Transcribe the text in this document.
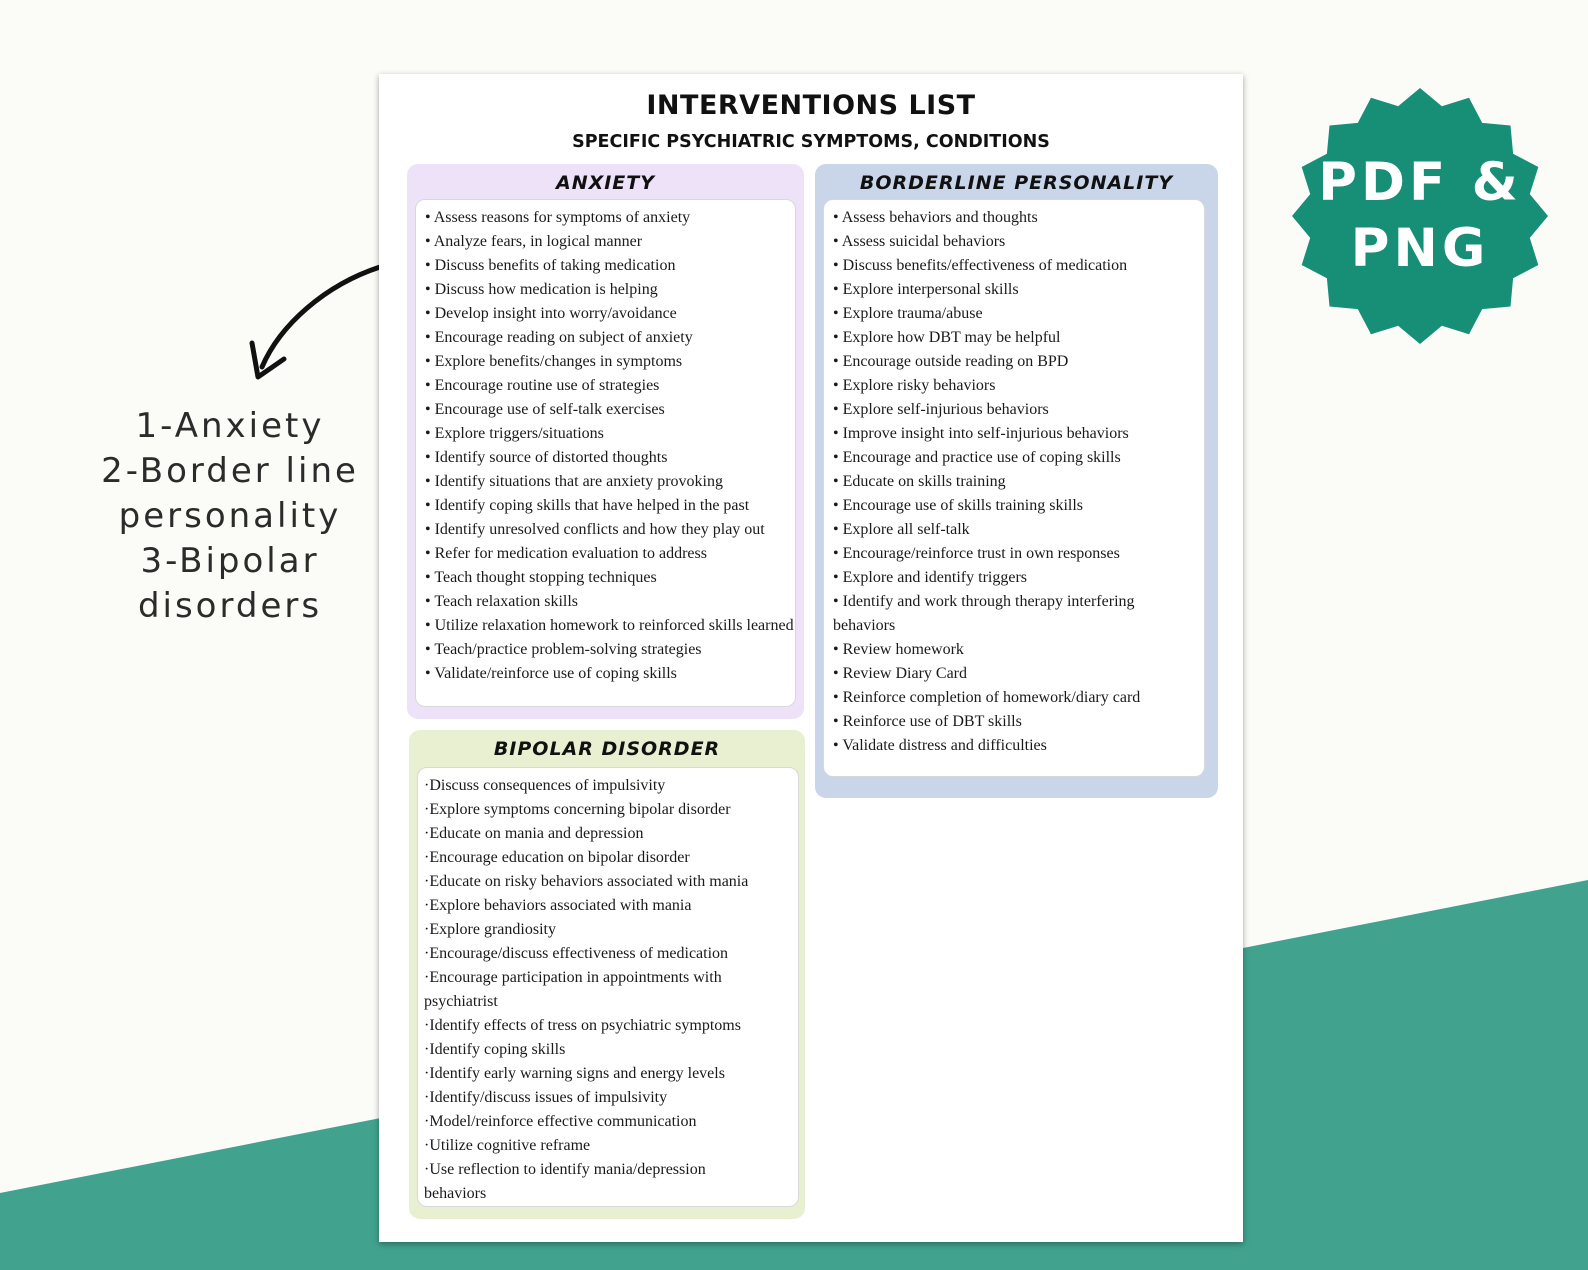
1-Anxiety
2-Border line
personality
3-Bipolar
disorders
PDF &
PNG
INTERVENTIONS LIST
SPECIFIC PSYCHIATRIC SYMPTOMS, CONDITIONS
ANXIETY
• Assess reasons for symptoms of anxiety
• Analyze fears, in logical manner
• Discuss benefits of taking medication
• Discuss how medication is helping
• Develop insight into worry/avoidance
• Encourage reading on subject of anxiety
• Explore benefits/changes in symptoms
• Encourage routine use of strategies
• Encourage use of self-talk exercises
• Explore triggers/situations
• Identify source of distorted thoughts
• Identify situations that are anxiety provoking
• Identify coping skills that have helped in the past
• Identify unresolved conflicts and how they play out
• Refer for medication evaluation to address
• Teach thought stopping techniques
• Teach relaxation skills
• Utilize relaxation homework to reinforced skills learned
• Teach/practice problem-solving strategies
• Validate/reinforce use of coping skills
BORDERLINE PERSONALITY
• Assess behaviors and thoughts
• Assess suicidal behaviors
• Discuss benefits/effectiveness of medication
• Explore interpersonal skills
• Explore trauma/abuse
• Explore how DBT may be helpful
• Encourage outside reading on BPD
• Explore risky behaviors
• Explore self-injurious behaviors
• Improve insight into self-injurious behaviors
• Encourage and practice use of coping skills
• Educate on skills training
• Encourage use of skills training skills
• Explore all self-talk
• Encourage/reinforce trust in own responses
• Explore and identify triggers
• Identify and work through therapy interfering behaviors
• Review homework
• Review Diary Card
• Reinforce completion of homework/diary card
• Reinforce use of DBT skills
• Validate distress and difficulties
BIPOLAR DISORDER
·Discuss consequences of impulsivity
·Explore symptoms concerning bipolar disorder
·Educate on mania and depression
·Encourage education on bipolar disorder
·Educate on risky behaviors associated with mania
·Explore behaviors associated with mania
·Explore grandiosity
·Encourage/discuss effectiveness of medication
·Encourage participation in appointments with psychiatrist
·Identify effects of tress on psychiatric symptoms
·Identify coping skills
·Identify early warning signs and energy levels
·Identify/discuss issues of impulsivity
·Model/reinforce effective communication
·Utilize cognitive reframe
·Use reflection to identify mania/depression behaviors
